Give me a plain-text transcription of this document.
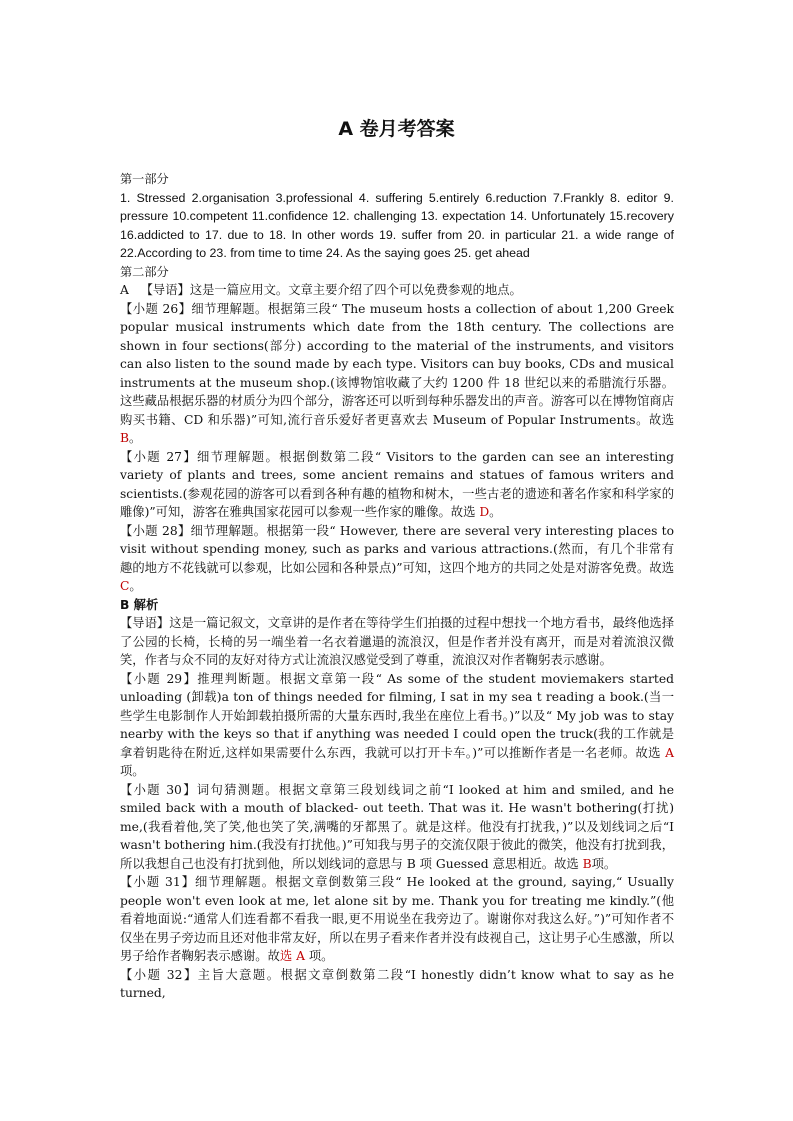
A 卷月考答案

第一部分

1. Stressed 2.organisation 3.professional 4. suffering 5.entirely 6.reduction 7.Frankly 8. editor 9. pressure 10.competent 11.confidence 12. challenging 13. expectation 14. Unfortunately 15.recovery 16.addicted to 17. due to 18. In other words 19. suffer from 20. in particular 21. a wide range of 22.According to 23. from time to time 24. As the saying goes 25. get ahead

第二部分

A 【导语】这是一篇应用文。文章主要介绍了四个可以免费参观的地点。

【小题 26】细节理解题。根据第三段“ The museum hosts a collection of about 1,200 Greek popular musical instruments which date from the 18th century. The collections are shown in four sections(部分) according to the material of the instruments, and visitors can also listen to the sound made by each type. Visitors can buy books, CDs and musical instruments at the museum shop.(该博物馆收藏了大约 1200 件 18 世纪以来的希腊流行乐器。这些藏品根据乐器的材质分为四个部分，游客还可以听到每种乐器发出的声音。游客可以在博物馆商店购买书籍、CD 和乐器)”可知,流行音乐爱好者更喜欢去 Museum of Popular Instruments。故选 B。

【小题 27】细节理解题。根据倒数第二段“ Visitors to the garden can see an interesting variety of plants and trees, some ancient remains and statues of famous writers and scientists.(参观花园的游客可以看到各种有趣的植物和树木，一些古老的遗迹和著名作家和科学家的雕像)”可知，游客在雅典国家花园可以参观一些作家的雕像。故选 D。

【小题 28】细节理解题。根据第一段“ However, there are several very interesting places to visit without spending money, such as parks and various attractions.(然而，有几个非常有趣的地方不花钱就可以参观，比如公园和各种景点)”可知，这四个地方的共同之处是对游客免费。故选 C。

B 解析

【导语】这是一篇记叙文，文章讲的是作者在等待学生们拍摄的过程中想找一个地方看书，最终他选择了公园的长椅，长椅的另一端坐着一名衣着邋遢的流浪汉，但是作者并没有离开，而是对着流浪汉微笑，作者与众不同的友好对待方式让流浪汉感觉受到了尊重，流浪汉对作者鞠躬表示感谢。

【小题 29】推理判断题。根据文章第一段“ As some of the student moviemakers started unloading (卸载)a ton of things needed for filming, I sat in my sea t reading a book.(当一些学生电影制作人开始卸载拍摄所需的大量东西时,我坐在座位上看书。)”以及“ My job was to stay nearby with the keys so that if anything was needed I could open the truck(我的工作就是拿着钥匙待在附近,这样如果需要什么东西，我就可以打开卡车。)”可以推断作者是一名老师。故选 A项。

【小题 30】词句猜测题。根据文章第三段划线词之前“I looked at him and smiled, and he smiled back with a mouth of blacked- out teeth. That was it. He wasn't bothering(打扰) me,(我看着他,笑了笑,他也笑了笑,满嘴的牙都黑了。就是这样。他没有打扰我，)”以及划线词之后“I wasn't bothering him.(我没有打扰他。)”可知我与男子的交流仅限于彼此的微笑，他没有打扰到我，所以我想自己也没有打扰到他，所以划线词的意思与 B 项 Guessed 意思相近。故选 B项。

【小题 31】细节理解题。根据文章倒数第三段“ He looked at the ground, saying,“ Usually people won't even look at me, let alone sit by me. Thank you for treating me kindly.”(他看着地面说:“通常人们连看都不看我一眼,更不用说坐在我旁边了。谢谢你对我这么好。”)”可知作者不仅坐在男子旁边而且还对他非常友好，所以在男子看来作者并没有歧视自己，这让男子心生感激，所以男子给作者鞠躬表示感谢。故选 A 项。

【小题 32】主旨大意题。根据文章倒数第二段“I honestly didn’t know what to say as he turned,
